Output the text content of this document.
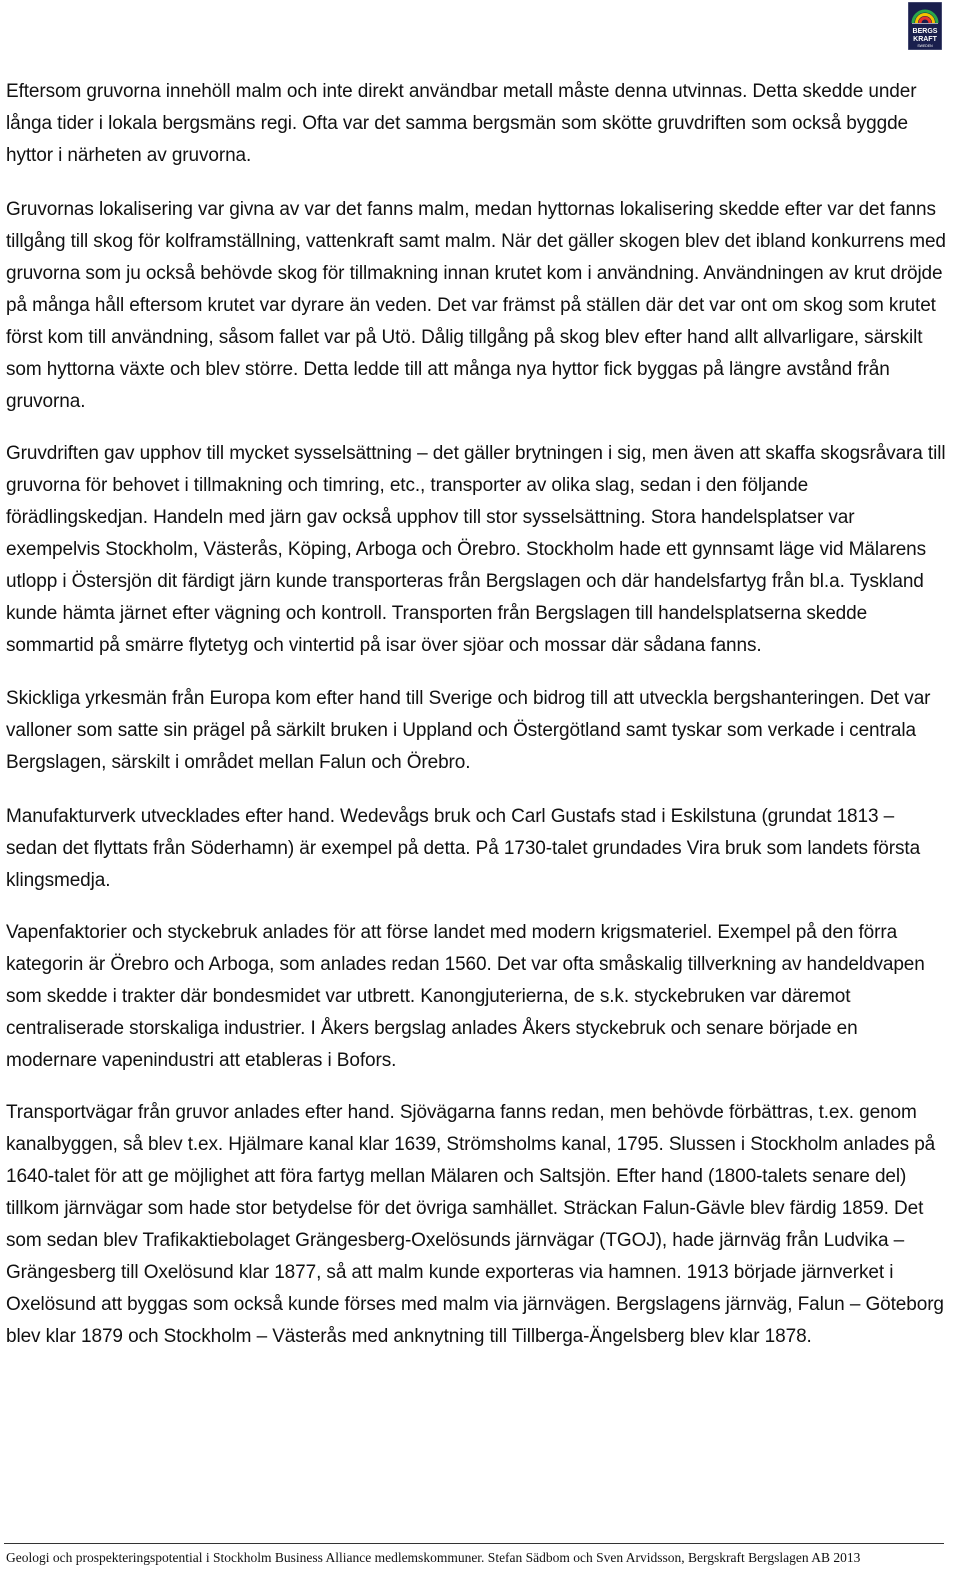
BERGS
KRAFT
SWEDEN

Eftersom gruvorna innehöll malm och inte direkt användbar metall måste denna utvinnas. Detta skedde under långa tider i lokala bergsmäns regi. Ofta var det samma bergsmän som skötte gruvdriften som också byggde hyttor i närheten av gruvorna.

Gruvornas lokalisering var givna av var det fanns malm, medan hyttornas lokalisering skedde efter var det fanns tillgång till skog för kolframställning, vattenkraft samt malm. När det gäller skogen blev det ibland konkurrens med gruvorna som ju också behövde skog för tillmakning innan krutet kom i användning. Användningen av krut dröjde på många håll eftersom krutet var dyrare än veden. Det var främst på ställen där det var ont om skog som krutet först kom till användning, såsom fallet var på Utö. Dålig tillgång på skog blev efter hand allt allvarligare, särskilt som hyttorna växte och blev större. Detta ledde till att många nya hyttor fick byggas på längre avstånd från gruvorna.

Gruvdriften gav upphov till mycket sysselsättning – det gäller brytningen i sig, men även att skaffa skogsråvara till gruvorna för behovet i tillmakning och timring, etc., transporter av olika slag, sedan i den följande förädlingskedjan. Handeln med järn gav också upphov till stor sysselsättning. Stora handelsplatser var exempelvis Stockholm, Västerås, Köping, Arboga och Örebro. Stockholm hade ett gynnsamt läge vid Mälarens utlopp i Östersjön dit färdigt järn kunde transporteras från Bergslagen och där handelsfartyg från bl.a. Tyskland kunde hämta järnet efter vägning och kontroll. Transporten från Bergslagen till handelsplatserna skedde sommartid på smärre flytetyg och vintertid på isar över sjöar och mossar där sådana fanns.

Skickliga yrkesmän från Europa kom efter hand till Sverige och bidrog till att utveckla bergshanteringen. Det var valloner som satte sin prägel på särkilt bruken i Uppland och Östergötland samt tyskar som verkade i centrala Bergslagen, särskilt i området mellan Falun och Örebro.

Manufakturverk utvecklades efter hand. Wedevågs bruk och Carl Gustafs stad i Eskilstuna (grundat 1813 – sedan det flyttats från Söderhamn) är exempel på detta. På 1730-talet grundades Vira bruk som landets första klingsmedja.

Vapenfaktorier och styckebruk anlades för att förse landet med modern krigsmateriel. Exempel på den förra kategorin är Örebro och Arboga, som anlades redan 1560. Det var ofta småskalig tillverkning av handeldvapen som skedde i trakter där bondesmidet var utbrett. Kanongjuterierna, de s.k. styckebruken var däremot centraliserade storskaliga industrier. I Åkers bergslag anlades Åkers styckebruk och senare började en modernare vapenindustri att etableras i Bofors.

Transportvägar från gruvor anlades efter hand. Sjövägarna fanns redan, men behövde förbättras, t.ex. genom kanalbyggen, så blev t.ex. Hjälmare kanal klar 1639, Strömsholms kanal, 1795. Slussen i Stockholm anlades på 1640-talet för att ge möjlighet att föra fartyg mellan Mälaren och Saltsjön. Efter hand (1800-talets senare del) tillkom järnvägar som hade stor betydelse för det övriga samhället. Sträckan Falun-Gävle blev färdig 1859. Det som sedan blev Trafikaktiebolaget Grängesberg-Oxelösunds järnvägar (TGOJ), hade järnväg från Ludvika – Grängesberg till Oxelösund klar 1877, så att malm kunde exporteras via hamnen. 1913 började järnverket i Oxelösund att byggas som också kunde förses med malm via järnvägen. Bergslagens järnväg, Falun – Göteborg blev klar 1879 och Stockholm – Västerås med anknytning till Tillberga-Ängelsberg blev klar 1878.

Geologi och prospekteringspotential i Stockholm Business Alliance medlemskommuner. Stefan Sädbom och Sven Arvidsson, Bergskraft Bergslagen AB 2013
